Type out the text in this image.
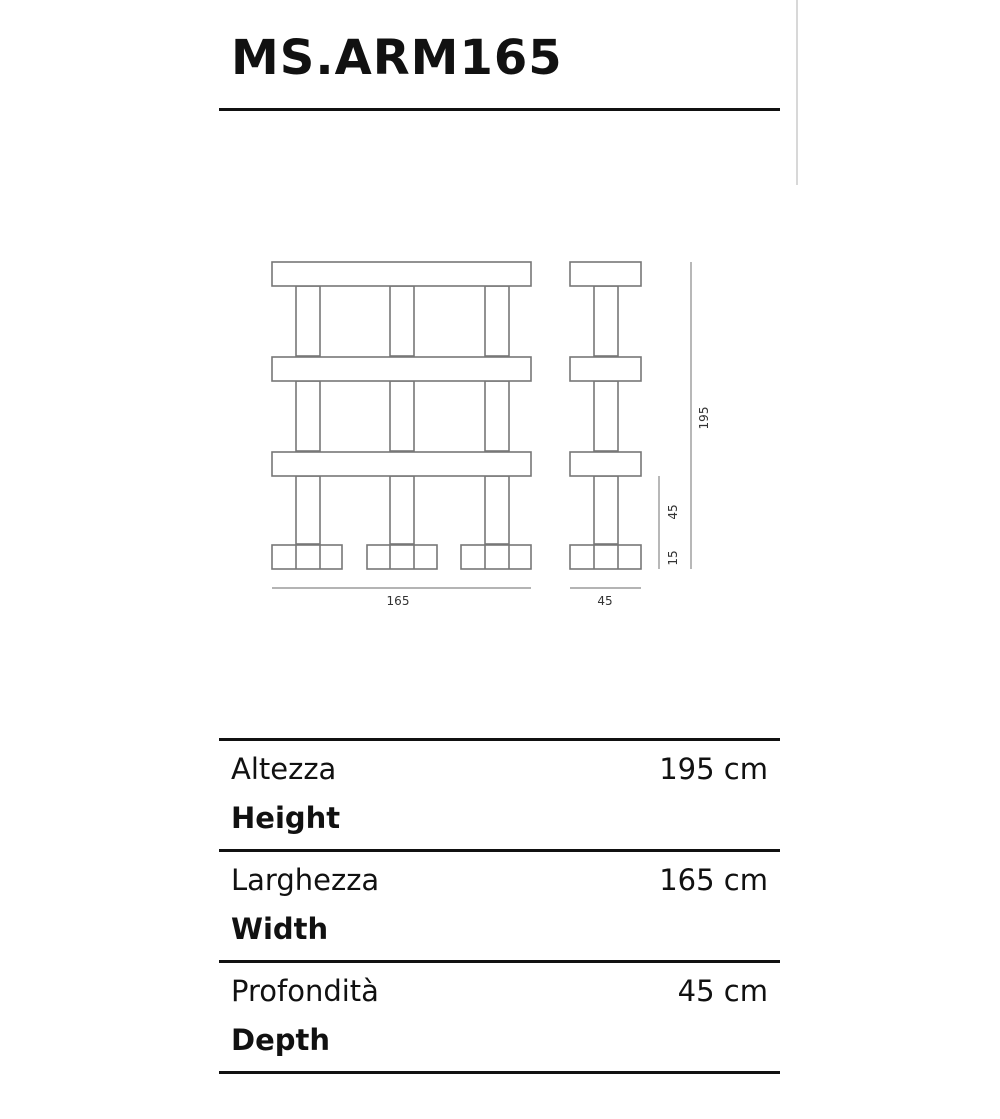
MS.ARM165
165	45
195
45
15
Altezza
Height
195 cm
Larghezza
Width
165 cm
Profondità
Depth
45 cm
